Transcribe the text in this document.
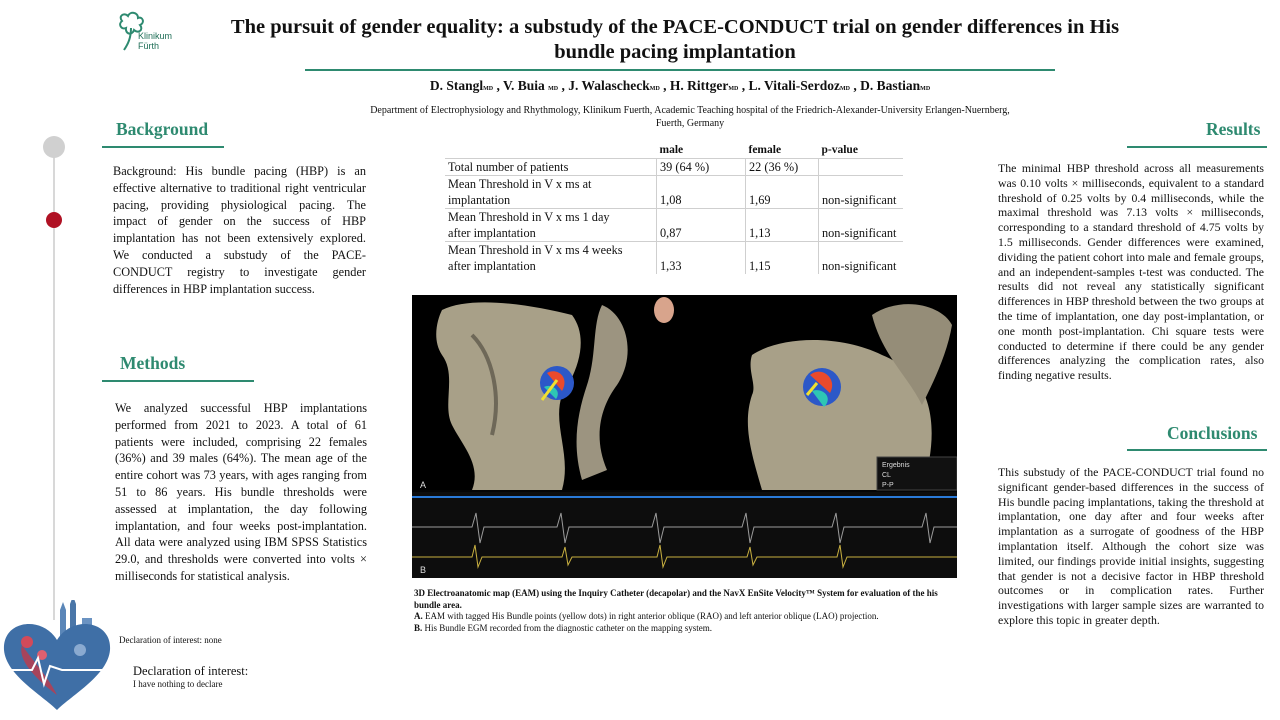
Klinikum
Fürth
The pursuit of gender equality: a substudy of the PACE-CONDUCT trial on gender differences in His
bundle pacing implantation
D. StanglMD , V. Buia MD , J. WalascheckMD , H. RittgerMD , L. Vitali-SerdozMD , D. BastianMD
Department of Electrophysiology and Rhythmology, Klinikum Fuerth, Academic Teaching hospital of the Friedrich-Alexander-University Erlangen-Nuernberg,
Fuerth, Germany
Background
Background: His bundle pacing (HBP) is an effective alternative to traditional right ventricular pacing, providing physiological pacing. The impact of gender on the success of HBP implantation has not been extensively explored. We conducted a substudy of the PACE-CONDUCT registry to investigate gender differences in HBP implantation success.
Methods
We analyzed successful HBP implantations performed from 2021 to 2023. A total of 61 patients were included, comprising 22 females (36%) and 39 males (64%). The mean age of the entire cohort was 73 years, with ages ranging from 51 to 86 years. His bundle thresholds were assessed at implantation, the day following implantation, and four weeks post-implantation. All data were analyzed using IBM SPSS Statistics 29.0, and thresholds were converted into volts × milliseconds for statistical analysis.
Declaration of interest: none
Declaration of interest:
I have nothing to declare
Results
The minimal HBP threshold across all measurements was 0.10 volts × milliseconds, equivalent to a standard threshold of 0.25 volts by 0.4 milliseconds, while the maximal threshold was 7.13 volts × milliseconds, corresponding to a standard threshold of 4.75 volts by 1.5 milliseconds. Gender differences were examined, dividing the patient cohort into male and female groups, and an independent-samples t-test was conducted. The results did not reveal any statistically significant differences in HBP threshold between the two groups at the time of implantation, one day post-implantation, or one month post-implantation. Chi square tests were conducted to determine if there could be any gender differences analyzing the complication rates, also finding negative results.
Conclusions
This substudy of the PACE-CONDUCT trial found no significant gender-based differences in the success of His bundle pacing implantations, taking the threshold at implantation, one day after and four weeks after implantation as a surrogate of goodness of the HBP implantation itself. Although the cohort size was limited, our findings provide initial insights, suggesting that gender is not a decisive factor in HBP threshold outcomes or in complication rates. Further investigations with larger sample sizes are warranted to explore this topic in greater depth.
	male	female	p-value
Total number of patients	39 (64 %)	22 (36 %)	

Mean Threshold in V x ms at
implantation	1,08	1,69	non-significant

Mean Threshold in V x ms 1 day
after implantation	0,87	1,13	non-significant

Mean Threshold in V x ms 4 weeks
after implantation	1,33	1,15	non-significant
Ergebnis
CL
P-P
A
B
3D Electroanatomic map (EAM) using the Inquiry Catheter (decapolar) and the NavX EnSite Velocity™ System for evaluation of the his bundle area.
A. EAM with tagged His Bundle points (yellow dots) in right anterior oblique (RAO) and left anterior oblique (LAO) projection.
B. His Bundle EGM recorded from the diagnostic catheter on the mapping system.
